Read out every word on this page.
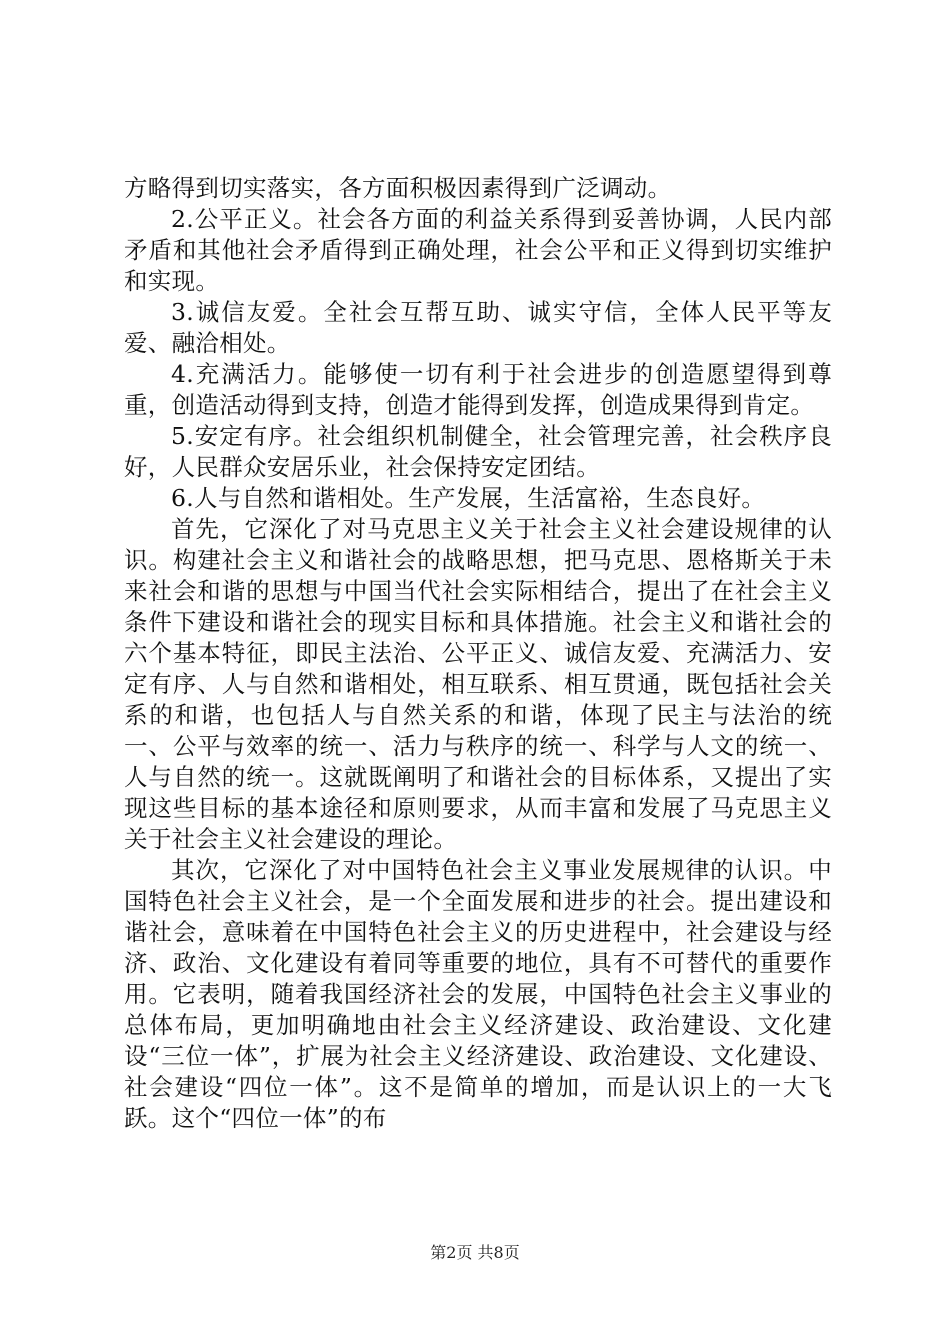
方略得到切实落实，各方面积极因素得到广泛调动。

2.公平正义。社会各方面的利益关系得到妥善协调，人民内部矛盾和其他社会矛盾得到正确处理，社会公平和正义得到切实维护和实现。

3.诚信友爱。全社会互帮互助、诚实守信，全体人民平等友爱、融洽相处。

4.充满活力。能够使一切有利于社会进步的创造愿望得到尊重，创造活动得到支持，创造才能得到发挥，创造成果得到肯定。

5.安定有序。社会组织机制健全，社会管理完善，社会秩序良好，人民群众安居乐业，社会保持安定团结。

6.人与自然和谐相处。生产发展，生活富裕，生态良好。

首先，它深化了对马克思主义关于社会主义社会建设规律的认识。构建社会主义和谐社会的战略思想，把马克思、恩格斯关于未来社会和谐的思想与中国当代社会实际相结合，提出了在社会主义条件下建设和谐社会的现实目标和具体措施。社会主义和谐社会的六个基本特征，即民主法治、公平正义、诚信友爱、充满活力、安定有序、人与自然和谐相处，相互联系、相互贯通，既包括社会关系的和谐，也包括人与自然关系的和谐，体现了民主与法治的统一、公平与效率的统一、活力与秩序的统一、科学与人文的统一、人与自然的统一。这就既阐明了和谐社会的目标体系，又提出了实现这些目标的基本途径和原则要求，从而丰富和发展了马克思主义关于社会主义社会建设的理论。

其次，它深化了对中国特色社会主义事业发展规律的认识。中国特色社会主义社会，是一个全面发展和进步的社会。提出建设和谐社会，意味着在中国特色社会主义的历史进程中，社会建设与经济、政治、文化建设有着同等重要的地位，具有不可替代的重要作用。它表明，随着我国经济社会的发展，中国特色社会主义事业的总体布局，更加明确地由社会主义经济建设、政治建设、文化建设“三位一体”，扩展为社会主义经济建设、政治建设、文化建设、社会建设“四位一体”。这不是简单的增加，而是认识上的一大飞跃。这个“四位一体”的布

第2页 共8页
